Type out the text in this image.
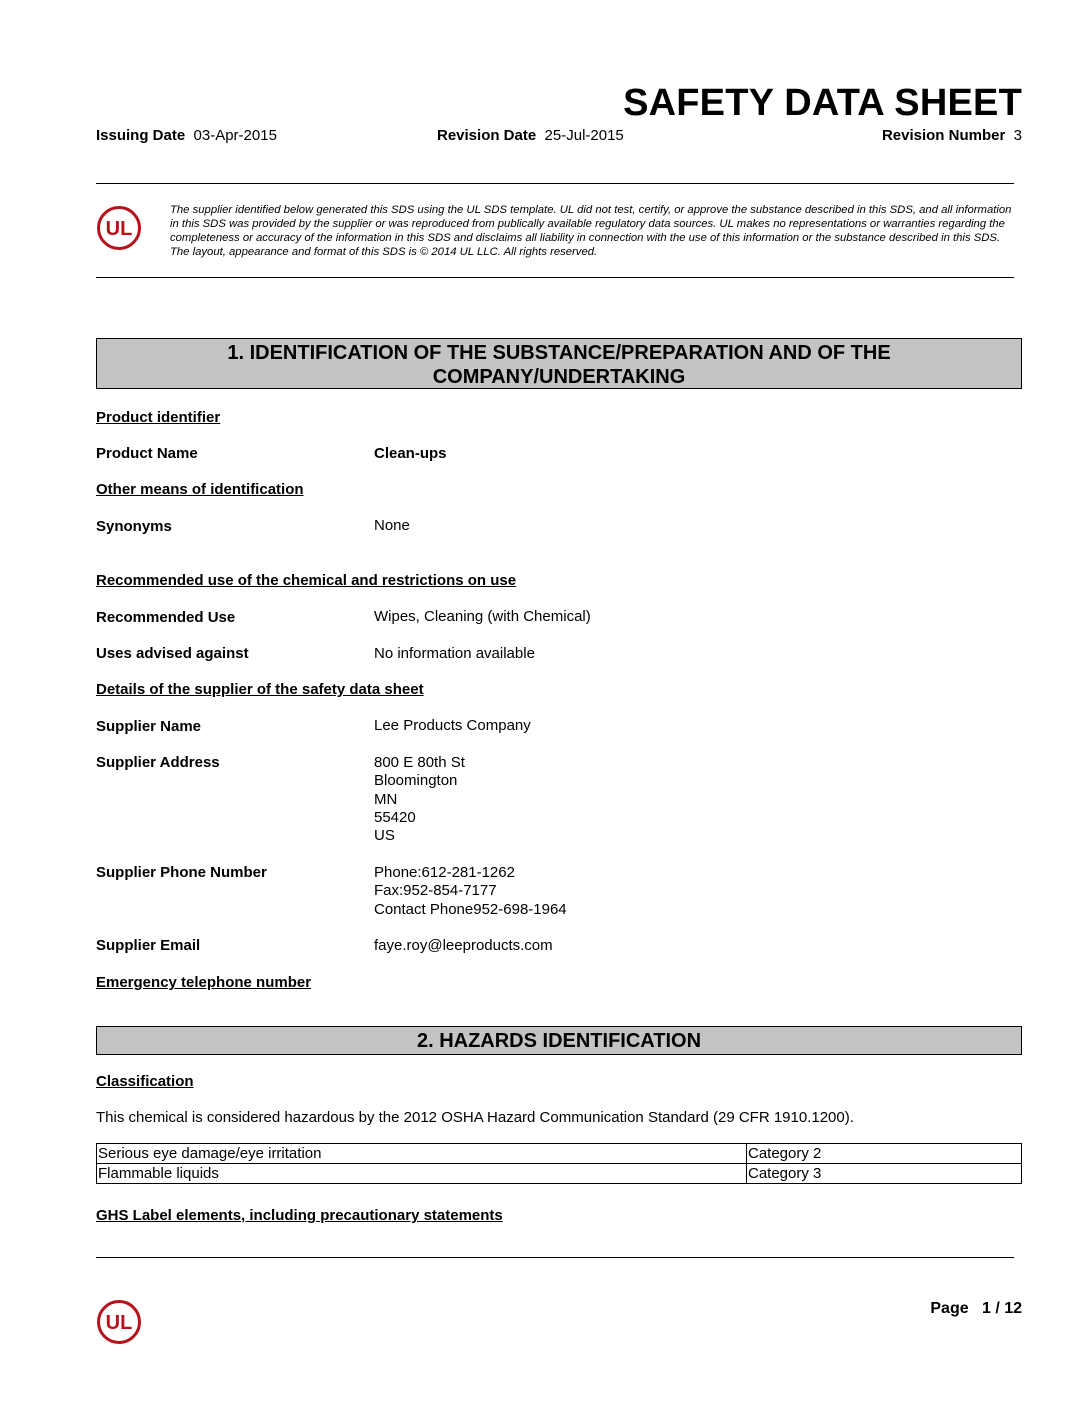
SAFETY DATA SHEET
Issuing Date 03-Apr-2015	Revision Date 25-Jul-2015	Revision Number 3
UL
The supplier identified below generated this SDS using the UL SDS template. UL did not test, certify, or approve the substance described in this SDS, and all information in this SDS was provided by the supplier or was reproduced from publically available regulatory data sources. UL makes no representations or warranties regarding the completeness or accuracy of the information in this SDS and disclaims all liability in connection with the use of this information or the substance described in this SDS. The layout, appearance and format of this SDS is © 2014 UL LLC. All rights reserved.
1. IDENTIFICATION OF THE SUBSTANCE/PREPARATION AND OF THE
COMPANY/UNDERTAKING
Product identifier
Product Name	Clean-ups
Other means of identification
Synonyms	None
Recommended use of the chemical and restrictions on use
Recommended Use	Wipes, Cleaning (with Chemical)
Uses advised against	No information available
Details of the supplier of the safety data sheet
Supplier Name	Lee Products Company
Supplier Address	800 E 80th St
Bloomington
MN
55420
US
Supplier Phone Number	Phone:612-281-1262
Fax:952-854-7177
Contact Phone952-698-1964
Supplier Email	faye.roy@leeproducts.com
Emergency telephone number
2. HAZARDS IDENTIFICATION
Classification
This chemical is considered hazardous by the 2012 OSHA Hazard Communication Standard (29 CFR 1910.1200).
Serious eye damage/eye irritation	Category 2
Flammable liquids	Category 3
GHS Label elements, including precautionary statements
UL
Page 1 / 12
